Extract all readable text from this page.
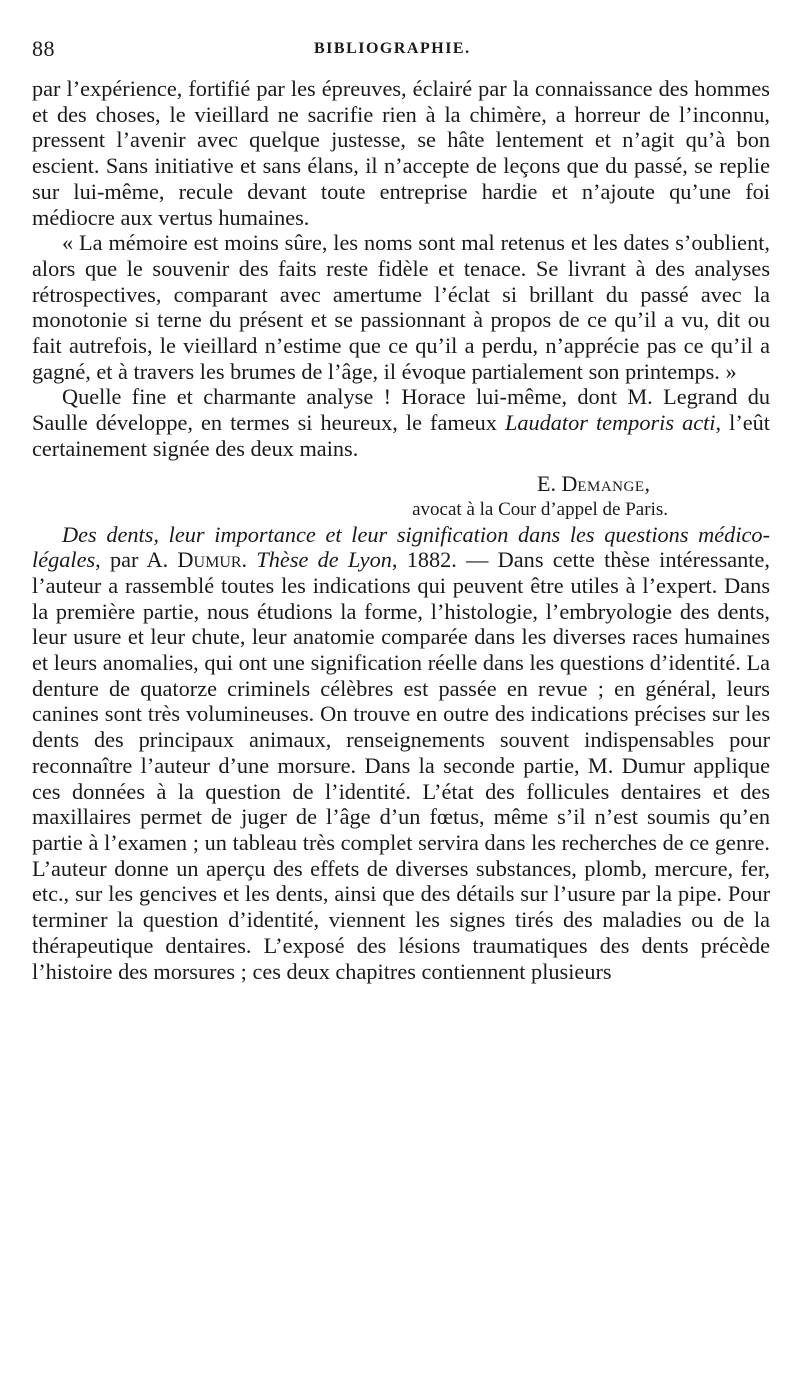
88	BIBLIOGRAPHIE.

par l’expérience, fortifié par les épreuves, éclairé par la connaissance des hommes et des choses, le vieillard ne sacrifie rien à la chimère, a horreur de l’inconnu, pressent l’avenir avec quelque justesse, se hâte lentement et n’agit qu’à bon escient. Sans initiative et sans élans, il n’accepte de leçons que du passé, se replie sur lui-même, recule devant toute entreprise hardie et n’ajoute qu’une foi médiocre aux vertus humaines.

« La mémoire est moins sûre, les noms sont mal retenus et les dates s’oublient, alors que le souvenir des faits reste fidèle et tenace. Se livrant à des analyses rétrospectives, comparant avec amertume l’éclat si brillant du passé avec la monotonie si terne du présent et se passionnant à propos de ce qu’il a vu, dit ou fait autrefois, le vieillard n’estime que ce qu’il a perdu, n’apprécie pas ce qu’il a gagné, et à travers les brumes de l’âge, il évoque partialement son printemps. »

Quelle fine et charmante analyse ! Horace lui-même, dont M. Legrand du Saulle développe, en termes si heureux, le fameux Laudator temporis acti, l’eût certainement signée des deux mains.

E. Demange,
avocat à la Cour d’appel de Paris.

Des dents, leur importance et leur signification dans les questions médico-légales, par A. Dumur. Thèse de Lyon, 1882. — Dans cette thèse intéressante, l’auteur a rassemblé toutes les indications qui peuvent être utiles à l’expert. Dans la première partie, nous étudions la forme, l’histologie, l’embryologie des dents, leur usure et leur chute, leur anatomie comparée dans les diverses races humaines et leurs anomalies, qui ont une signification réelle dans les questions d’identité. La denture de quatorze criminels célèbres est passée en revue ; en général, leurs canines sont très volumineuses. On trouve en outre des indications précises sur les dents des principaux animaux, renseignements souvent indispensables pour reconnaître l’auteur d’une morsure. Dans la seconde partie, M. Dumur applique ces données à la question de l’identité. L’état des follicules dentaires et des maxillaires permet de juger de l’âge d’un fœtus, même s’il n’est soumis qu’en partie à l’examen ; un tableau très complet servira dans les recherches de ce genre. L’auteur donne un aperçu des effets de diverses substances, plomb, mercure, fer, etc., sur les gencives et les dents, ainsi que des détails sur l’usure par la pipe. Pour terminer la question d’identité, viennent les signes tirés des maladies ou de la thérapeutique dentaires. L’exposé des lésions traumatiques des dents précède l’histoire des morsures ; ces deux chapitres contiennent plusieurs
